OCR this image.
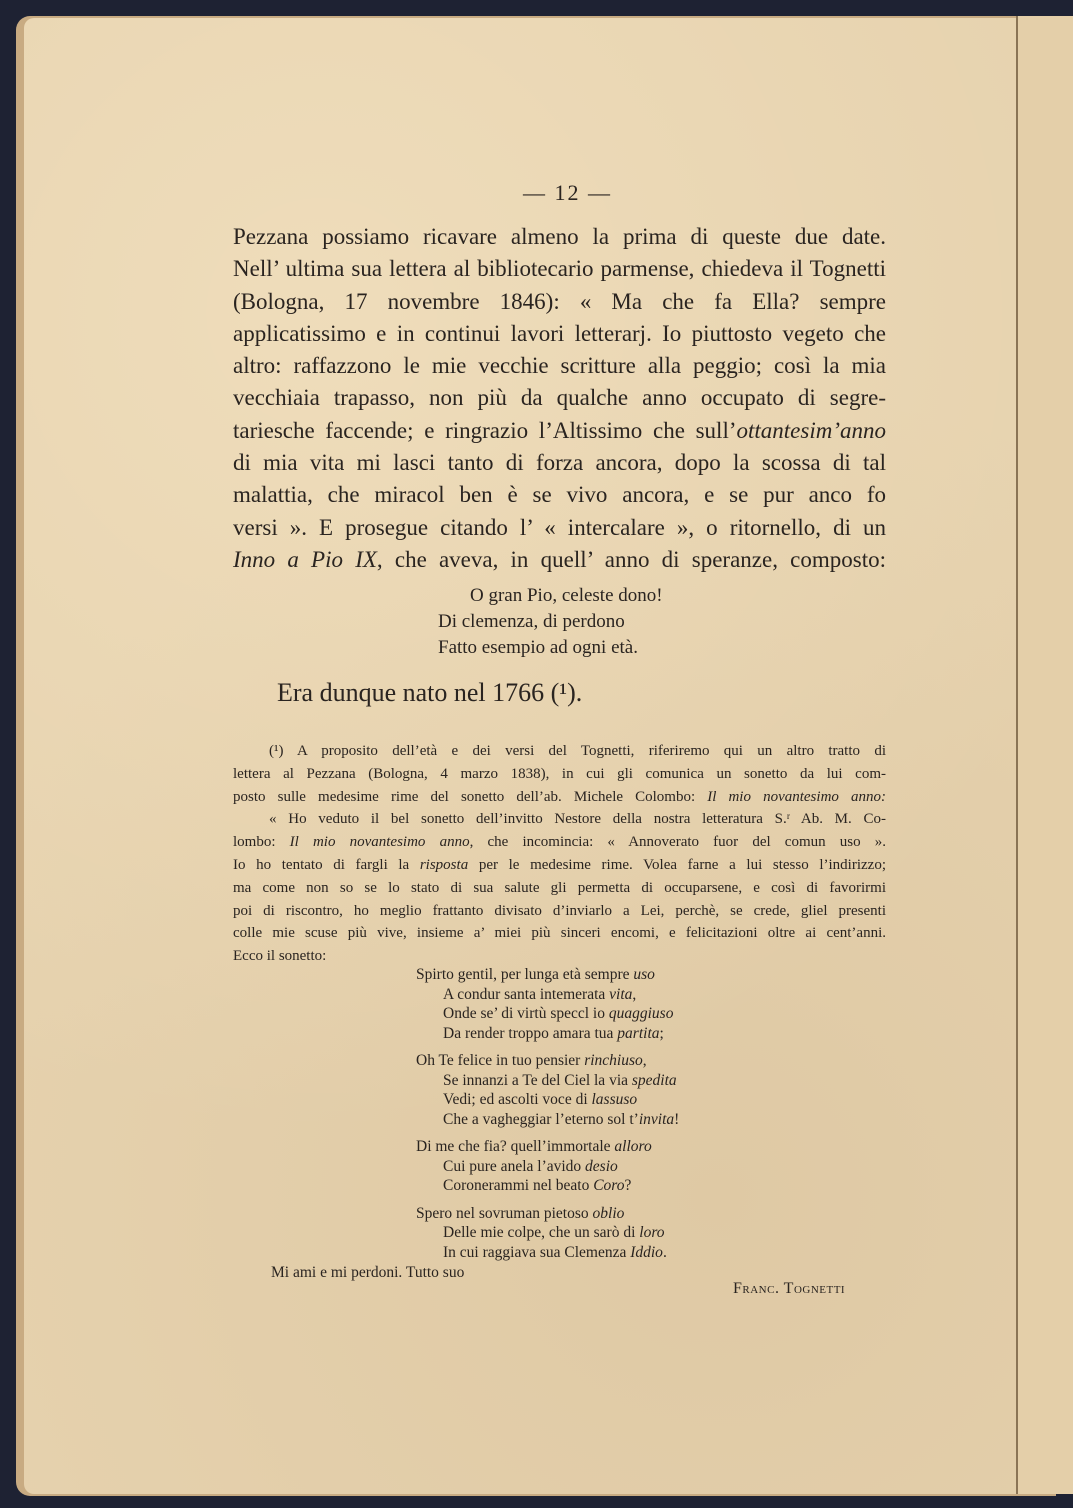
— 12 —
Pezzana possiamo ricavare almeno la prima di queste due date.
Nell’ ultima sua lettera al bibliotecario parmense, chiedeva il Tognetti
(Bologna, 17 novembre 1846): « Ma che fa Ella? sempre
applicatissimo e in continui lavori letterarj. Io piuttosto vegeto che
altro: raffazzono le mie vecchie scritture alla peggio; così la mia
vecchiaia trapasso, non più da qualche anno occupato di segre-
tariesche faccende; e ringrazio l’Altissimo che sull’ottantesim’anno
di mia vita mi lasci tanto di forza ancora, dopo la scossa di tal
malattia, che miracol ben è se vivo ancora, e se pur anco fo
versi ». E prosegue citando l’ « intercalare », o ritornello, di un
Inno a Pio IX, che aveva, in quell’ anno di speranze, composto:
O gran Pio, celeste dono!
Di clemenza, di perdono
Fatto esempio ad ogni età.
Era dunque nato nel 1766 (¹).
(¹) A proposito dell’età e dei versi del Tognetti, riferiremo qui un altro tratto di
lettera al Pezzana (Bologna, 4 marzo 1838), in cui gli comunica un sonetto da lui com-
posto sulle medesime rime del sonetto dell’ab. Michele Colombo: Il mio novantesimo anno:
« Ho veduto il bel sonetto dell’invitto Nestore della nostra letteratura S.ʳ Ab. M. Co-
lombo: Il mio novantesimo anno, che incomincia: « Annoverato fuor del comun uso ».
Io ho tentato di fargli la risposta per le medesime rime. Volea farne a lui stesso l’indirizzo;
ma come non so se lo stato di sua salute gli permetta di occuparsene, e così di favorirmi
poi di riscontro, ho meglio frattanto divisato d’inviarlo a Lei, perchè, se crede, gliel presenti
colle mie scuse più vive, insieme a’ miei più sinceri encomi, e felicitazioni oltre ai cent’anni.
Ecco il sonetto:
Spirto gentil, per lunga età sempre uso
A condur santa intemerata vita,
Onde se’ di virtù speccl io quaggiuso
Da render troppo amara tua partita;
Oh Te felice in tuo pensier rinchiuso,
Se innanzi a Te del Ciel la via spedita
Vedi; ed ascolti voce di lassuso
Che a vagheggiar l’eterno sol t’invita!
Di me che fia? quell’immortale alloro
Cui pure anela l’avido desio
Coronerammi nel beato Coro?
Spero nel sovruman pietoso oblio
Delle mie colpe, che un sarò di loro
In cui raggiava sua Clemenza Iddio.
Mi ami e mi perdoni. Tutto suo
Franc. Tognetti
